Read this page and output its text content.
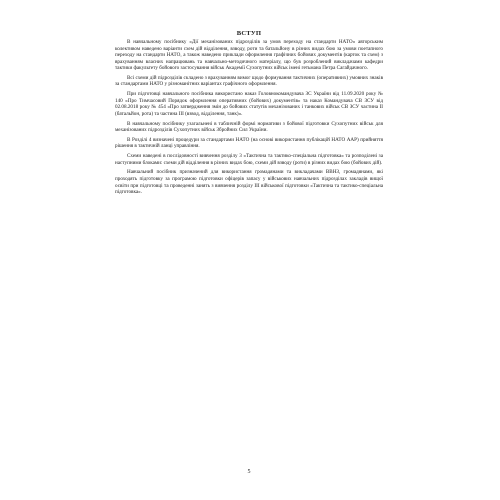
ВСТУП

В навчальному посібнику «Дії механізованих підрозділів за умов переходу на стандарти НАТО» авторським колективом наведено варіанти схем дій відділення, взводу, роти та батальйону в різних видах бою за умови поетапного переходу на стандарти НАТО, а також наведено приклади оформлення графічних бойових документів (карток та схем) з врахуванням власних напрацювань та навчально-методичного матеріалу, що був розроблений викладачами кафедри тактики факультету бойового застосування військ Академії Сухопутних військ імені гетьмана Петра Сагайдачного.

Всі схеми дій підрозділів складено з врахуванням вимог щодо формування тактичних (оперативних) умовних знаків за стандартами НАТО у різноманітних варіантах графічного оформлення.

При підготовці навчального посібника використано наказ Головнокомандувача ЗС України від 11.09.2020 року № 140 «Про Тимчасовий Порядок оформлення оперативних (бойових) документів» та наказ Командувача СВ ЗСУ від 02.08.2018 року № 454 «Про затвердження змін до бойових статутів механізованих і танкових військ СВ ЗСУ частина II (батальйон, рота) та частина III (взвод, відділення, танк)».

В навчальному посібнику узагальнені в табличній формі нормативи з бойової підготовки Сухопутних військ для механізованих підрозділів Сухопутних військ Збройних Сил України.

В Розділі 4 визначені процедури за стандартами НАТО (на основі використання публікацій НАТО ААР) прийняття рішення в тактичній ланці управління.

Схеми наведені в послідовності вивчення розділу 3 «Тактична та тактико-спеціальна підготовка» та розподілені за наступними блоками: схеми дій відділення в різних видах бою, схеми дій взводу (роти) в різних видах бою (бойових дій).

Навчальний посібник призначений для використання громадянами та викладачами ВВНЗ, громадянами, які проходять підготовку за програмою підготовки офіцерів запасу у військових навчальних підрозділах закладів вищої освіти при підготовці та проведенні занять з вивчення розділу III військової підготовки «Тактична та тактико-спеціальна підготовка».

5
